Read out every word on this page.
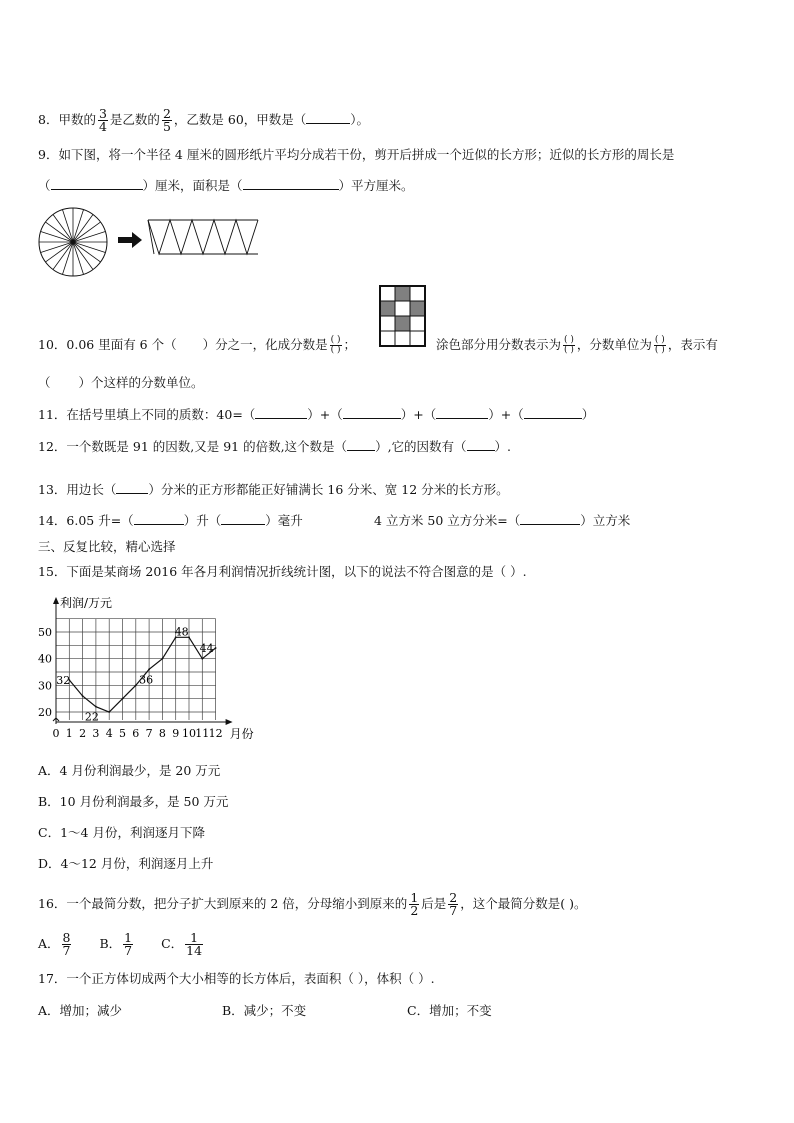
8．甲数的 $\frac{3}{4}$ 是乙数的 $\frac{2}{5}$ ，乙数是 60，甲数是（	）。
9．如下图，将一个半径 4 厘米的圆形纸片平均分成若干份，剪开后拼成一个近似的长方形；近似的长方形的周长是
（	）厘米，面积是（	）平方厘米。
10．0.06 里面有 6 个（ ）分之一，化成分数是 $\frac{( )}{( )}$ ；	涂色部分用分数表示为 $\frac{( )}{( )}$ ，分数单位为 $\frac{( )}{( )}$ ，表示有
（ ）个这样的分数单位。
11．在括号里填上不同的质数：40=（	）+（	）+（	）+（	）
12．一个数既是 91 的因数,又是 91 的倍数,这个数是（ ）,它的因数有（ ）.
13．用边长（	）分米的正方形都能正好铺满长 16 分米、宽 12 分米的长方形。
14．6.05 升=（	）升（	）毫升	4 立方米 50 立方分米=（	）立方米
三、反复比较，精心选择
15．下面是某商场 2016 年各月利润情况折线统计图，以下的说法不符合图意的是（ ）.
20
30
40
50
0 1 2 3 4 5 6 7 8 9 10 11 12
利润/万元
月份
32
22
36
48
44
A．4 月份利润最少，是 20 万元
B．10 月份利润最多，是 50 万元
C．1～4 月份，利润逐月下降
D．4～12 月份，利润逐月上升
16．一个最简分数，把分子扩大到原来的 2 倍，分母缩小到原来的 $\frac{1}{2}$ 后是 $\frac{2}{7}$ ，这个最简分数是( )。
A． $\frac{8}{7}$ B． $\frac{1}{7}$ C． $\frac{1}{14}$
17．一个正方体切成两个大小相等的长方体后，表面积（ ），体积（ ）.
A．增加；减少	B．减少；不变	C．增加；不变
